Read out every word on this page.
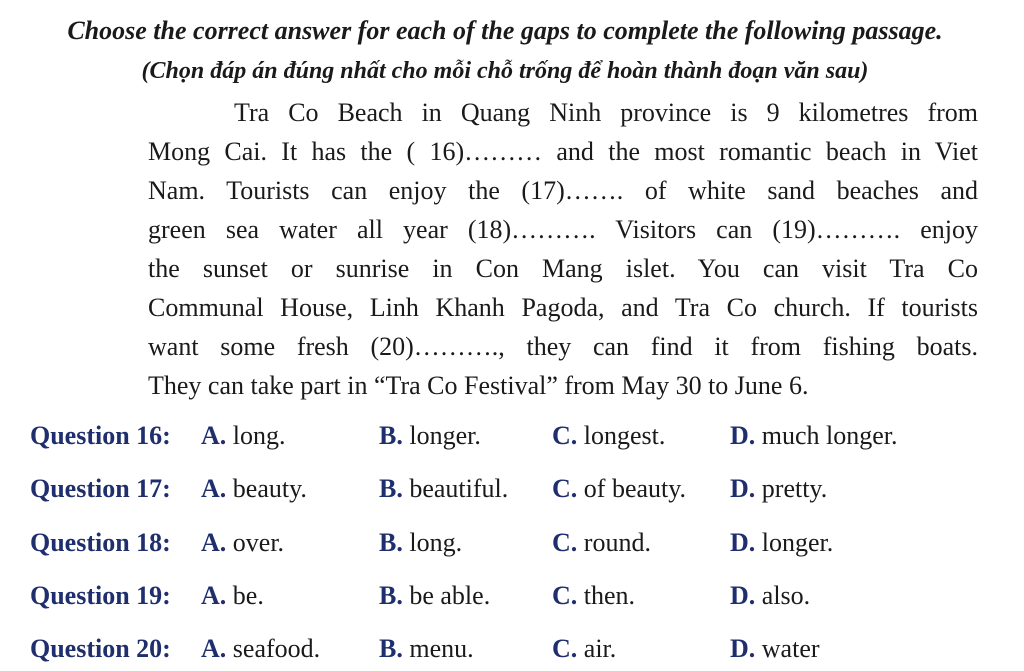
Choose the correct answer for each of the gaps to complete the following passage.
(Chọn đáp án đúng nhất cho mỗi chỗ trống để hoàn thành đoạn văn sau)
Tra Co Beach in Quang Ninh province is 9 kilometres from
Mong Cai. It has the ( 16)……… and the most romantic beach in Viet
Nam. Tourists can enjoy the (17)……. of white sand beaches and
green sea water all year (18)………. Visitors can (19)………. enjoy
the sunset or sunrise in Con Mang islet. You can visit Tra Co
Communal House, Linh Khanh Pagoda, and Tra Co church. If tourists
want some fresh (20)………., they can find it from fishing boats.
They can take part in “Tra Co Festival” from May 30 to June 6.
Question 16: A. long.	B. longer.	C. longest. D. much longer.
Question 17: A. beauty.	B. beautiful. C. of beauty. D. pretty.
Question 18: A. over.	B. long.	C. round.	D. longer.
Question 19: A. be.	B. be able. C. then.	D. also.
Question 20: A. seafood. B. menu.	C. air.	D. water
